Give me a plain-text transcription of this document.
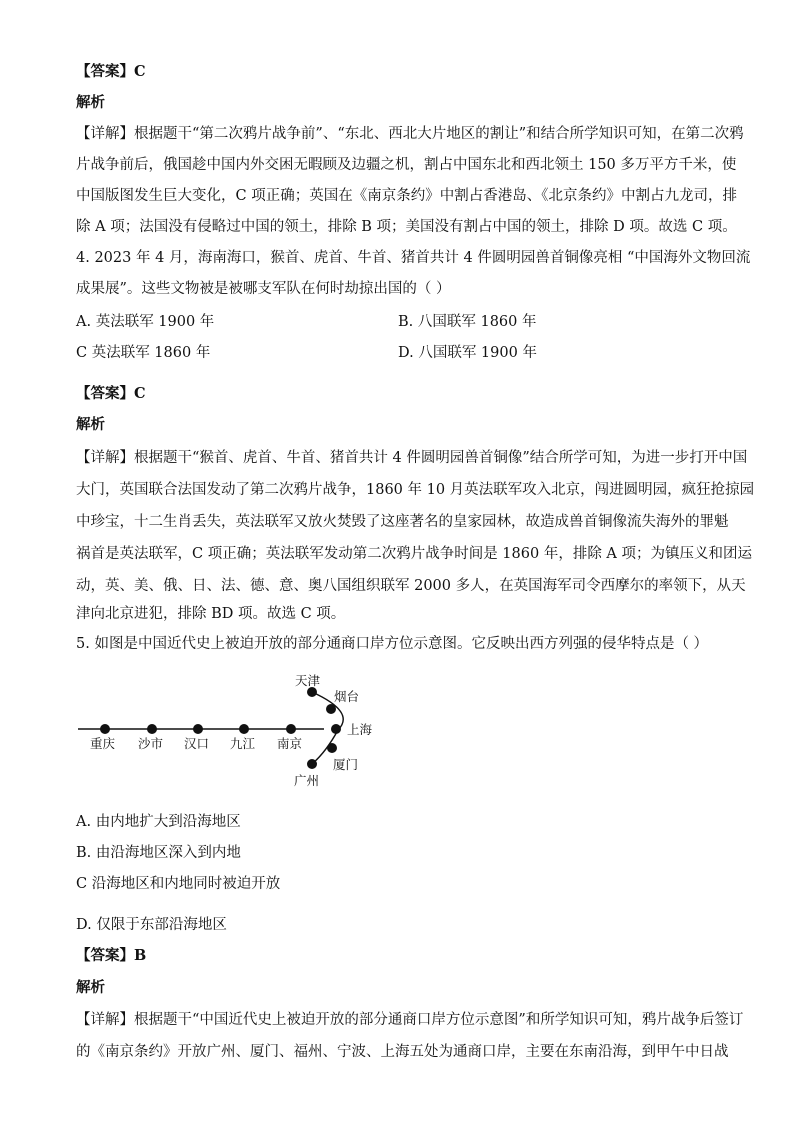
【答案】C
解析
【详解】根据题干“第二次鸦片战争前”、“东北、西北大片地区的割让”和结合所学知识可知，在第二次鸦
片战争前后，俄国趁中国内外交困无暇顾及边疆之机，割占中国东北和西北领土 150 多万平方千米，使
中国版图发生巨大变化，C 项正确；英国在《南京条约》中割占香港岛、《北京条约》中割占九龙司，排
除 A 项；法国没有侵略过中国的领土，排除 B 项；美国没有割占中国的领土，排除 D 项。故选 C 项。
4. 2023 年 4 月，海南海口，猴首、虎首、牛首、猪首共计 4 件圆明园兽首铜像亮相 “中国海外文物回流
成果展”。这些文物被是被哪支军队在何时劫掠出国的（ ）
A. 英法联军 1900 年	B. 八国联军 1860 年
C 英法联军 1860 年	D. 八国联军 1900 年
【答案】C
解析
【详解】根据题干“猴首、虎首、牛首、猪首共计 4 件圆明园兽首铜像”结合所学可知，为进一步打开中国
大门，英国联合法国发动了第二次鸦片战争，1860 年 10 月英法联军攻入北京，闯进圆明园，疯狂抢掠园
中珍宝，十二生肖丢失，英法联军又放火焚毁了这座著名的皇家园林，故造成兽首铜像流失海外的罪魁
祸首是英法联军，C 项正确；英法联军发动第二次鸦片战争时间是 1860 年，排除 A 项；为镇压义和团运
动，英、美、俄、日、法、德、意、奥八国组织联军 2000 多人，在英国海军司令西摩尔的率领下，从天
津向北京进犯，排除 BD 项。故选 C 项。
5. 如图是中国近代史上被迫开放的部分通商口岸方位示意图。它反映出西方列强的侵华特点是（ ）
重庆 沙市 汉口 九江 南京
天津
烟台
上海
厦门
广州
A. 由内地扩大到沿海地区
B. 由沿海地区深入到内地
C 沿海地区和内地同时被迫开放
D. 仅限于东部沿海地区
【答案】B
解析
【详解】根据题干“中国近代史上被迫开放的部分通商口岸方位示意图”和所学知识可知，鸦片战争后签订
的《南京条约》开放广州、厦门、福州、宁波、上海五处为通商口岸，主要在东南沿海，到甲午中日战
